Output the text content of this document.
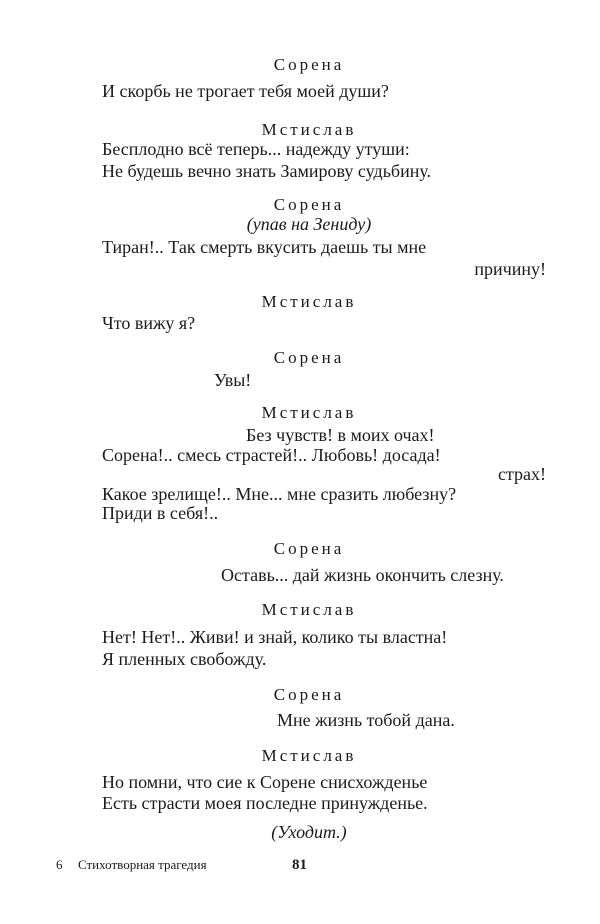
Сорена
И скорбь не трогает тебя моей души?
Мстислав
Бесплодно всё теперь... надежду утуши:
Не будешь вечно знать Замирову судьбину.
Сорена
(упав на Зениду)
Тиран!.. Так смерть вкусить даешь ты мне
причину!
Мстислав
Что вижу я?
Сорена
Увы!
Мстислав
Без чувств! в моих очах!
Сорена!.. смесь страстей!.. Любовь! досада!
страх!
Какое зрелище!.. Мне... мне сразить любезну?
Приди в себя!..
Сорена
Оставь... дай жизнь окончить слезну.
Мстислав
Нет! Нет!.. Живи! и знай, колико ты властна!
Я пленных свобожду.
Сорена
Мне жизнь тобой дана.
Мстислав
Но помни, что сие к Сорене снисхожденье
Есть страсти моея последне принужденье.
(Уходит.)
6 Стихотворная трагедия	81
